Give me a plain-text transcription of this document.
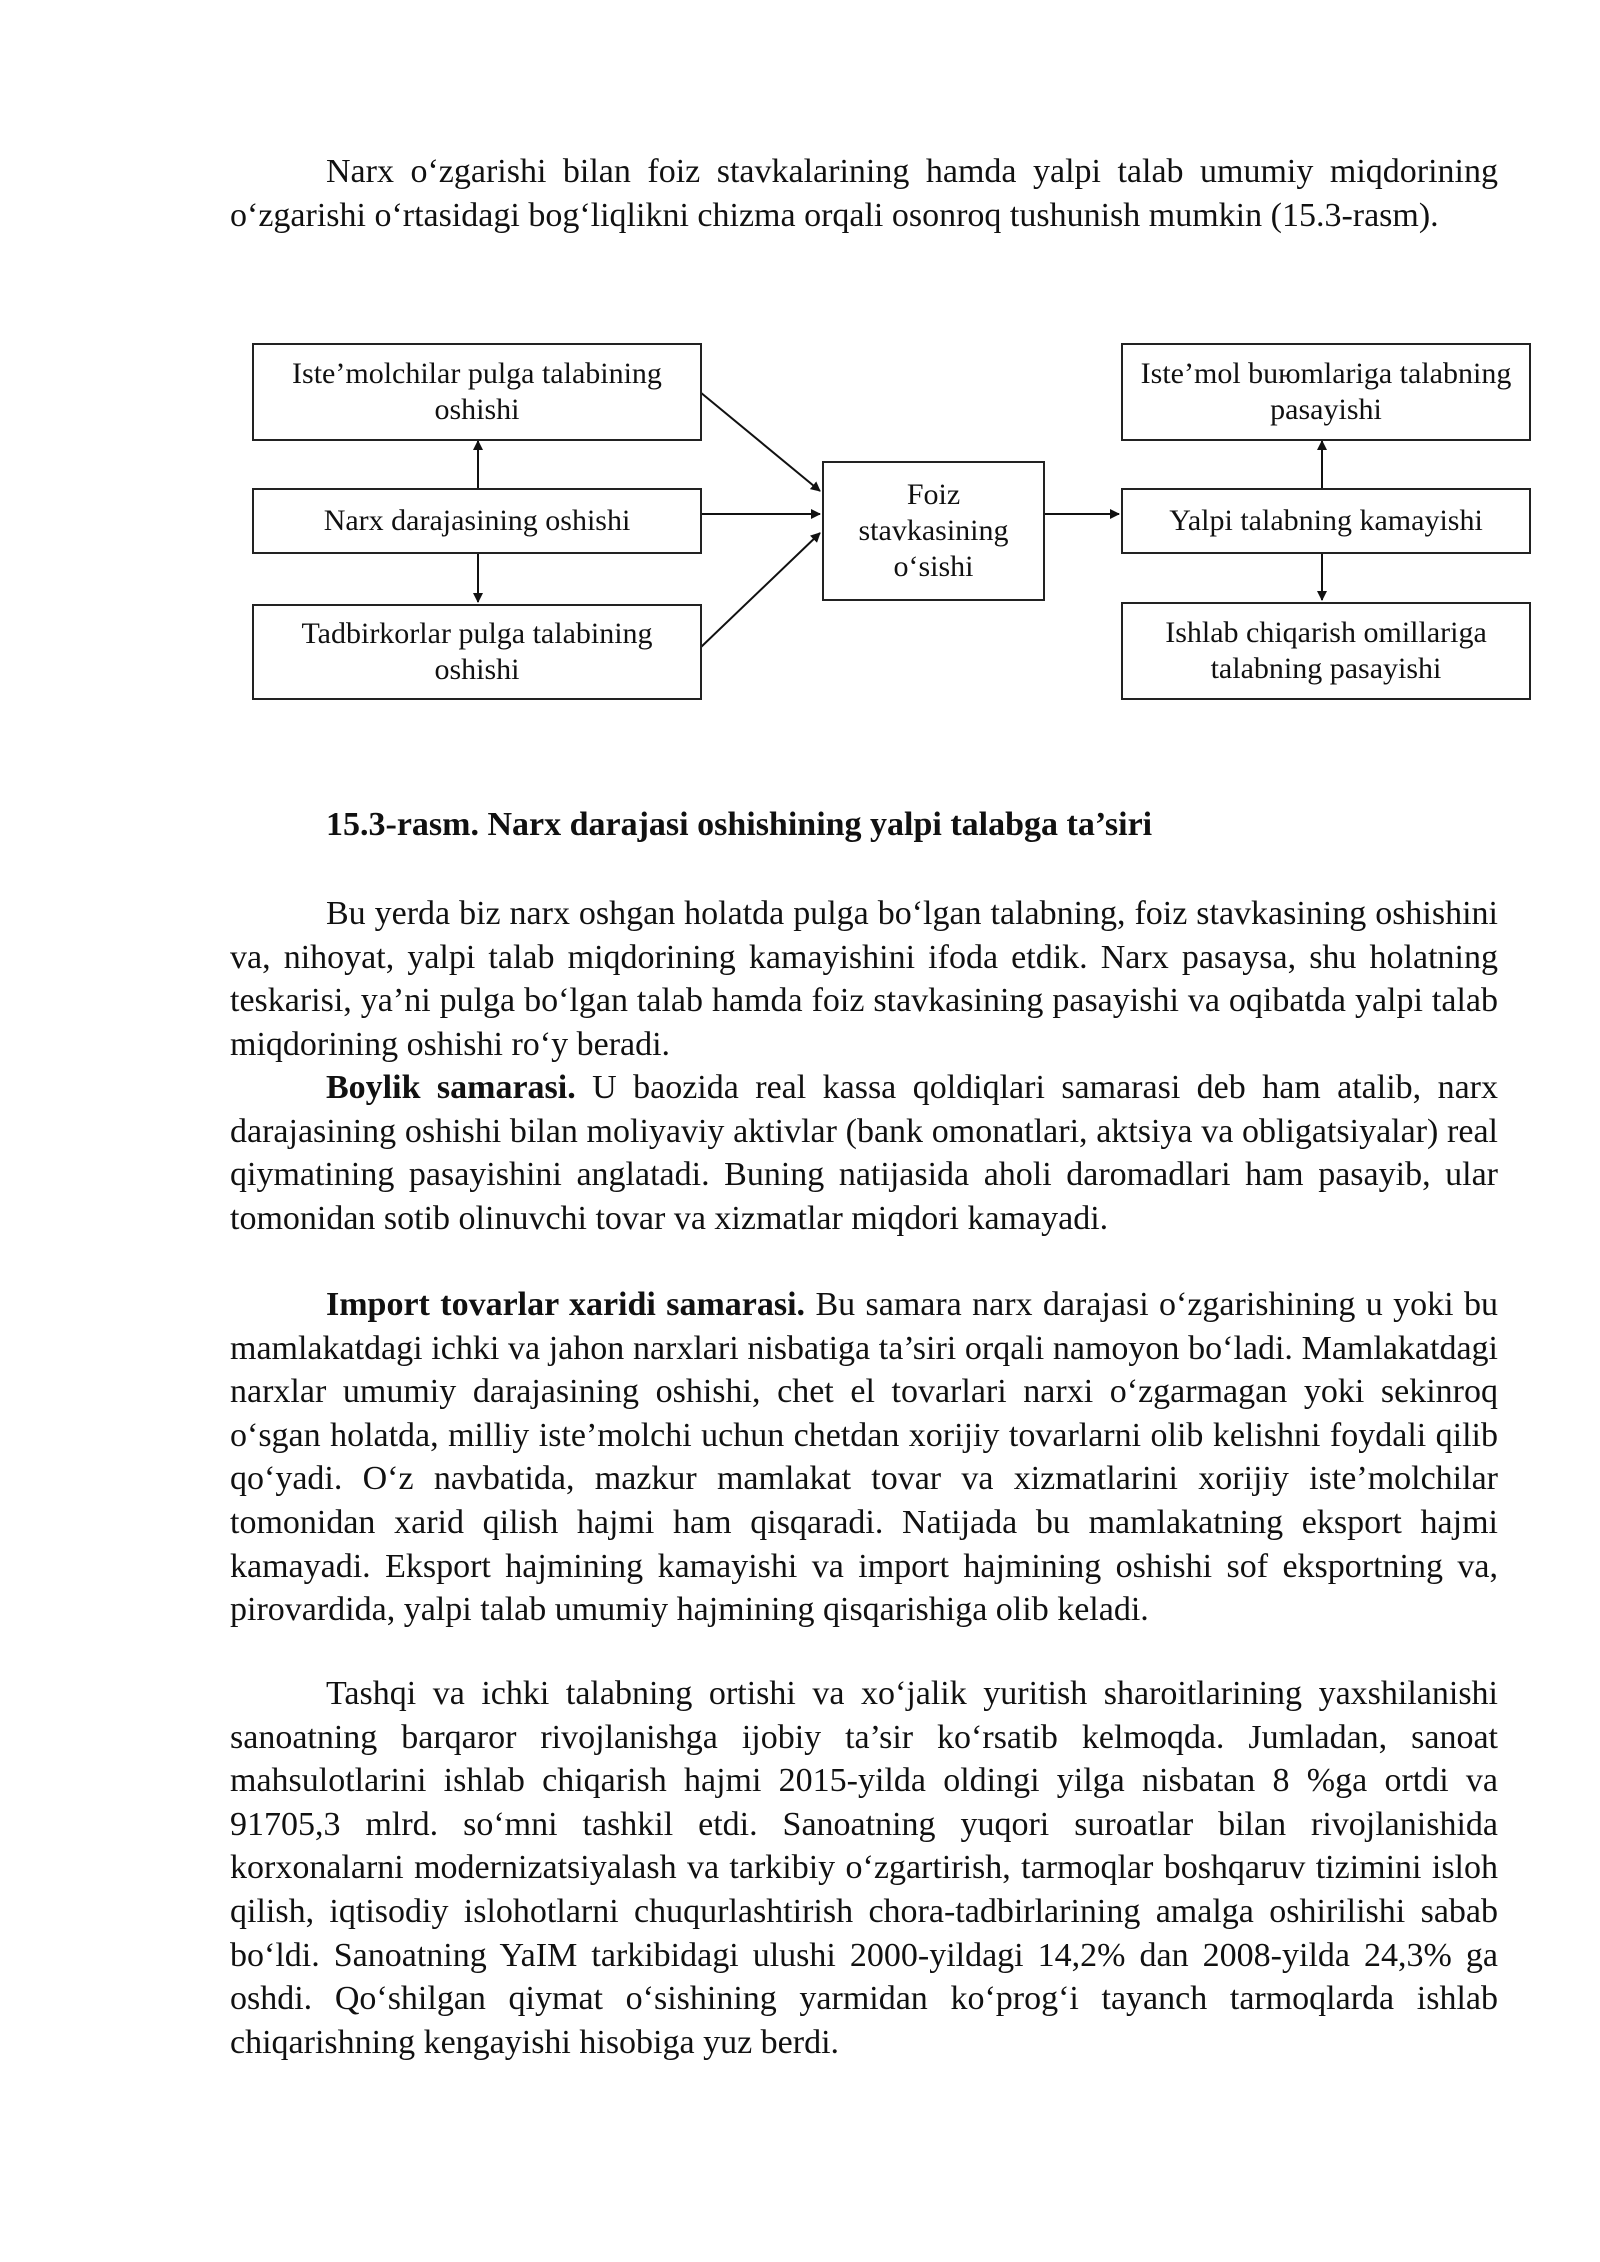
Narx o‘zgarishi bilan foiz stavkalarining hamda yalpi talab umumiy miqdorining o‘zgarishi o‘rtasidagi bog‘liqlikni chizma orqali osonroq tushunish mumkin (15.3-rasm).

Iste’molchilar pulga talabining oshishi
Narx darajasining oshishi
Tadbirkorlar pulga talabining oshishi
Foiz stavkasining o‘sishi
Iste’mol buюmlariga talabning pasayishi
Yalpi talabning kamayishi
Ishlab chiqarish omillariga talabning pasayishi

15.3-rasm. Narx darajasi oshishining yalpi talabga ta’siri

Bu yerda biz narx oshgan holatda pulga bo‘lgan talabning, foiz stavkasining oshishini va, nihoyat, yalpi talab miqdorining kamayishini ifoda etdik. Narx pasaysa, shu holatning teskarisi, ya’ni pulga bo‘lgan talab hamda foiz stavkasining pasayishi va oqibatda yalpi talab miqdorining oshishi ro‘y beradi.

Boylik samarasi. U baozida real kassa qoldiqlari samarasi deb ham atalib, narx darajasining oshishi bilan moliyaviy aktivlar (bank omonatlari, aktsiya va obligatsiyalar) real qiymatining pasayishini anglatadi. Buning natijasida aholi daromadlari ham pasayib, ular tomonidan sotib olinuvchi tovar va xizmatlar miqdori kamayadi.

Import tovarlar xaridi samarasi. Bu samara narx darajasi o‘zgarishining u yoki bu mamlakatdagi ichki va jahon narxlari nisbatiga ta’siri orqali namoyon bo‘ladi. Mamlakatdagi narxlar umumiy darajasining oshishi, chet el tovarlari narxi o‘zgarmagan yoki sekinroq o‘sgan holatda, milliy iste’molchi uchun chetdan xorijiy tovarlarni olib kelishni foydali qilib qo‘yadi. O‘z navbatida, mazkur mamlakat tovar va xizmatlarini xorijiy iste’molchilar tomonidan xarid qilish hajmi ham qisqaradi. Natijada bu mamlakatning eksport hajmi kamayadi. Eksport hajmining kamayishi va import hajmining oshishi sof eksportning va, pirovardida, yalpi talab umumiy hajmining qisqarishiga olib keladi.

Tashqi va ichki talabning ortishi va xo‘jalik yuritish sharoitlarining yaxshilanishi sanoatning barqaror rivojlanishga ijobiy ta’sir ko‘rsatib kelmoqda. Jumladan, sanoat mahsulotlarini ishlab chiqarish hajmi 2015-yilda oldingi yilga nisbatan 8 %ga ortdi va 91705,3 mlrd. so‘mni tashkil etdi. Sanoatning yuqori suroatlar bilan rivojlanishida korxonalarni modernizatsiyalash va tarkibiy o‘zgartirish, tarmoqlar boshqaruv tizimini isloh qilish, iqtisodiy islohotlarni chuqurlashtirish chora-tadbirlarining amalga oshirilishi sabab bo‘ldi. Sanoatning YaIM tarkibidagi ulushi 2000-yildagi 14,2% dan 2008-yilda 24,3% ga oshdi. Qo‘shilgan qiymat o‘sishining yarmidan ko‘prog‘i tayanch tarmoqlarda ishlab chiqarishning kengayishi hisobiga yuz berdi.
